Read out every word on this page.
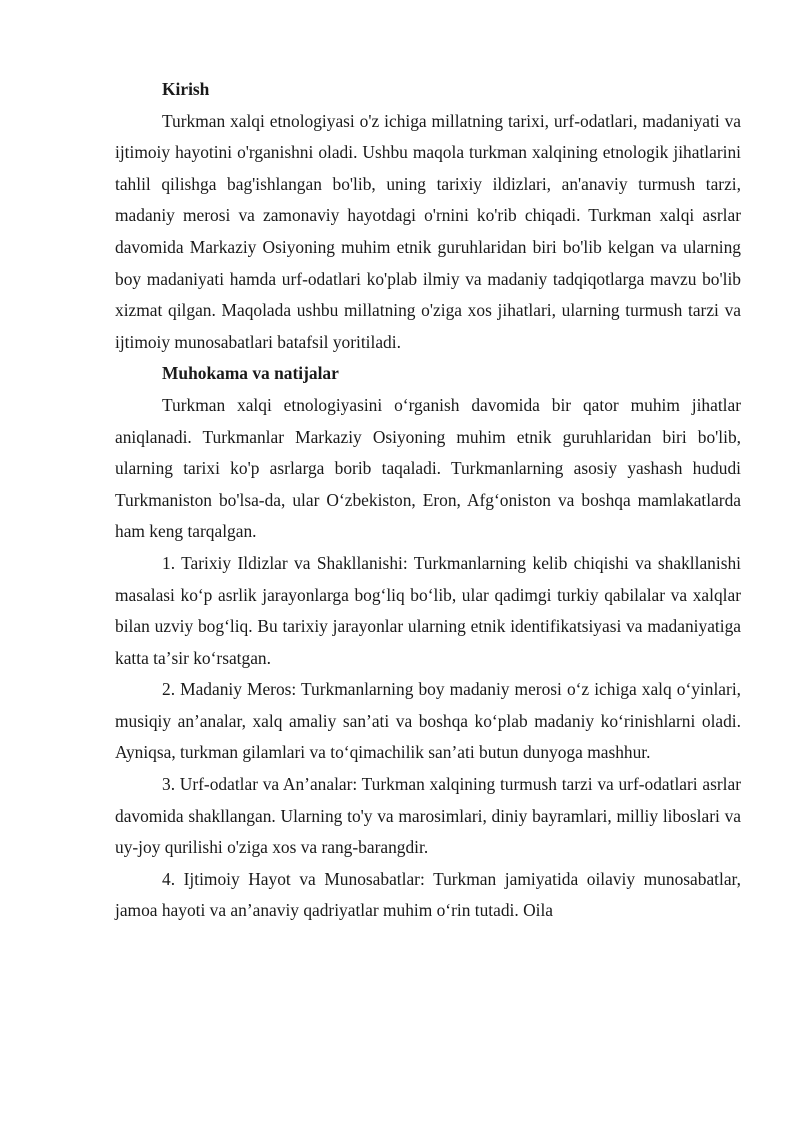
Kirish

Turkman xalqi etnologiyasi o'z ichiga millatning tarixi, urf-odatlari, madaniyati va ijtimoiy hayotini o'rganishni oladi. Ushbu maqola turkman xalqining etnologik jihatlarini tahlil qilishga bag'ishlangan bo'lib, uning tarixiy ildizlari, an'anaviy turmush tarzi, madaniy merosi va zamonaviy hayotdagi o'rnini ko'rib chiqadi. Turkman xalqi asrlar davomida Markaziy Osiyoning muhim etnik guruhlaridan biri bo'lib kelgan va ularning boy madaniyati hamda urf-odatlari ko'plab ilmiy va madaniy tadqiqotlarga mavzu bo'lib xizmat qilgan. Maqolada ushbu millatning o'ziga xos jihatlari, ularning turmush tarzi va ijtimoiy munosabatlari batafsil yoritiladi.

Muhokama va natijalar

Turkman xalqi etnologiyasini oʻrganish davomida bir qator muhim jihatlar aniqlanadi. Turkmanlar Markaziy Osiyoning muhim etnik guruhlaridan biri bo'lib, ularning tarixi ko'p asrlarga borib taqaladi. Turkmanlarning asosiy yashash hududi Turkmaniston bo'lsa-da, ular Oʻzbekiston, Eron, Afgʻoniston va boshqa mamlakatlarda ham keng tarqalgan.

1. Tarixiy Ildizlar va Shakllanishi: Turkmanlarning kelib chiqishi va shakllanishi masalasi koʻp asrlik jarayonlarga bogʻliq boʻlib, ular qadimgi turkiy qabilalar va xalqlar bilan uzviy bogʻliq. Bu tarixiy jarayonlar ularning etnik identifikatsiyasi va madaniyatiga katta taʼsir koʻrsatgan.

2. Madaniy Meros: Turkmanlarning boy madaniy merosi oʻz ichiga xalq oʻyinlari, musiqiy anʼanalar, xalq amaliy sanʼati va boshqa koʻplab madaniy koʻrinishlarni oladi. Ayniqsa, turkman gilamlari va toʻqimachilik sanʼati butun dunyoga mashhur.

3. Urf-odatlar va Anʼanalar: Turkman xalqining turmush tarzi va urf-odatlari asrlar davomida shakllangan. Ularning to'y va marosimlari, diniy bayramlari, milliy liboslari va uy-joy qurilishi o'ziga xos va rang-barangdir.

4. Ijtimoiy Hayot va Munosabatlar: Turkman jamiyatida oilaviy munosabatlar, jamoa hayoti va anʼanaviy qadriyatlar muhim oʻrin tutadi. Oila
